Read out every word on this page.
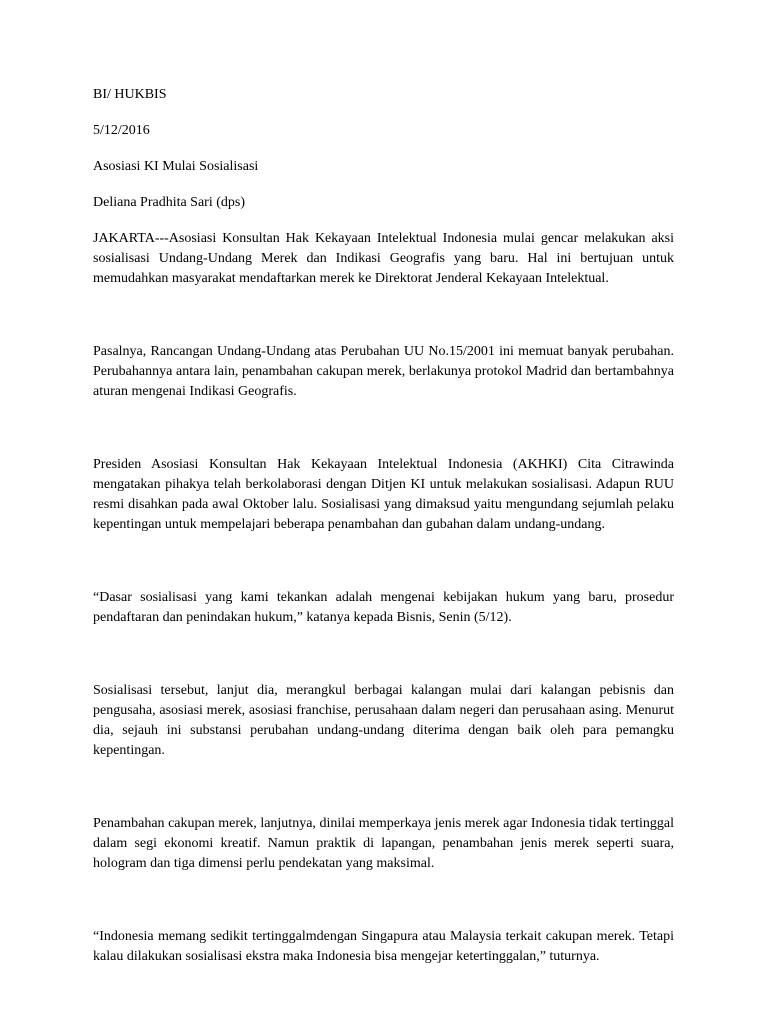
BI/ HUKBIS

5/12/2016

Asosiasi KI Mulai Sosialisasi

Deliana Pradhita Sari (dps)

JAKARTA---Asosiasi Konsultan Hak Kekayaan Intelektual Indonesia mulai gencar melakukan aksi sosialisasi Undang-Undang Merek dan Indikasi Geografis yang baru. Hal ini bertujuan untuk memudahkan masyarakat mendaftarkan merek ke Direktorat Jenderal Kekayaan Intelektual.

Pasalnya, Rancangan Undang-Undang atas Perubahan UU No.15/2001 ini memuat banyak perubahan. Perubahannya antara lain, penambahan cakupan merek, berlakunya protokol Madrid dan bertambahnya aturan mengenai Indikasi Geografis.

Presiden Asosiasi Konsultan Hak Kekayaan Intelektual Indonesia (AKHKI) Cita Citrawinda mengatakan pihakya telah berkolaborasi dengan Ditjen KI untuk melakukan sosialisasi. Adapun RUU resmi disahkan pada awal Oktober lalu. Sosialisasi yang dimaksud yaitu mengundang sejumlah pelaku kepentingan untuk mempelajari beberapa penambahan dan gubahan dalam undang-undang.

“Dasar sosialisasi yang kami tekankan adalah mengenai kebijakan hukum yang baru, prosedur pendaftaran dan penindakan hukum,” katanya kepada Bisnis, Senin (5/12).

Sosialisasi tersebut, lanjut dia, merangkul berbagai kalangan mulai dari kalangan pebisnis dan pengusaha, asosiasi merek, asosiasi franchise, perusahaan dalam negeri dan perusahaan asing. Menurut dia, sejauh ini substansi perubahan undang-undang diterima dengan baik oleh para pemangku kepentingan.

Penambahan cakupan merek, lanjutnya, dinilai memperkaya jenis merek agar Indonesia tidak tertinggal dalam segi ekonomi kreatif. Namun praktik di lapangan, penambahan jenis merek seperti suara, hologram dan tiga dimensi perlu pendekatan yang maksimal.

“Indonesia memang sedikit tertinggalmdengan Singapura atau Malaysia terkait cakupan merek. Tetapi kalau dilakukan sosialisasi ekstra maka Indonesia bisa mengejar ketertinggalan,” tuturnya.
